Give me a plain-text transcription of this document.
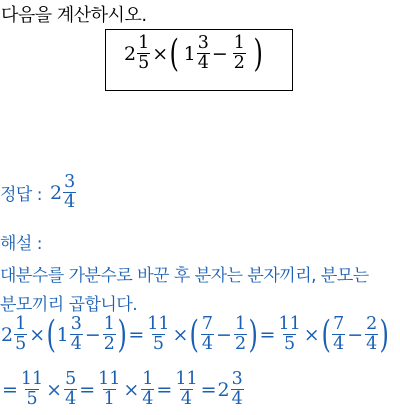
다음을 계산하시오.
$2 \frac{1}{5}$ × ( $1 \frac{3}{4} - \frac{1}{2}$ )
정답 : $2 \frac{3}{4}$
해설 :
대분수를 가분수로 바꾼 후 분자는 분자끼리, 분모는
분모끼리 곱합니다.
$2 \frac{1}{5}$ × ( $1 \frac{3}{4} - \frac{1}{2}$ ) = $\frac{11}{5}$ × ( $\frac{7}{4} - \frac{1}{2}$ ) = $\frac{11}{5}$ × ( $\frac{7}{4} - \frac{2}{4}$ )
= $\frac{11}{5} \times \frac{5}{4} = \frac{11}{1} \times \frac{1}{4} = \frac{11}{4} = 2 \frac{3}{4}$
